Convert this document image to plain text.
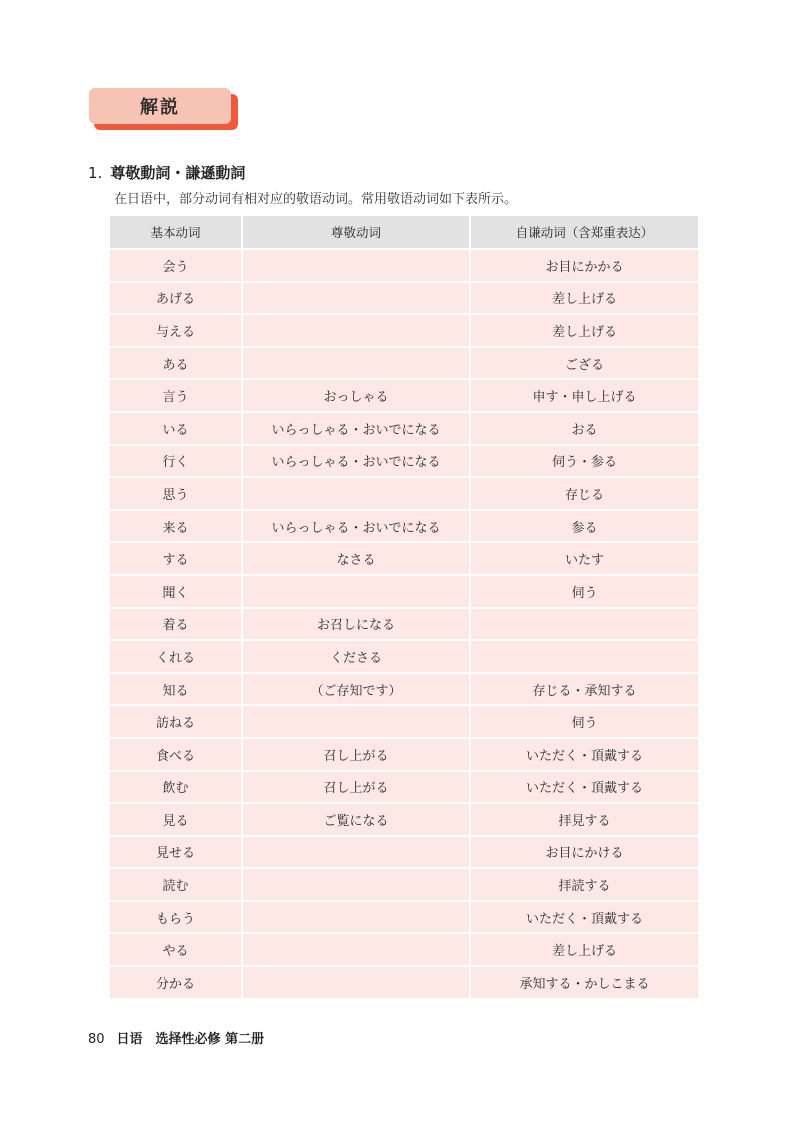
解説
1. 尊敬動詞・謙遜動詞
在日语中，部分动词有相对应的敬语动词。常用敬语动词如下表所示。
基本动词	尊敬动词	自谦动词（含郑重表达）
会う		お目にかかる
あげる		差し上げる
与える		差し上げる
ある		ござる
言う	おっしゃる	申す・申し上げる
いる	いらっしゃる・おいでになる	おる
行く	いらっしゃる・おいでになる	伺う・参る
思う		存じる
来る	いらっしゃる・おいでになる	参る
する	なさる	いたす
聞く		伺う
着る	お召しになる	
くれる	くださる	
知る	（ご存知です）	存じる・承知する
訪ねる		伺う
食べる	召し上がる	いただく・頂戴する
飲む	召し上がる	いただく・頂戴する
見る	ご覧になる	拝見する
見せる		お目にかける
読む		拝読する
もらう		いただく・頂戴する
やる		差し上げる
分かる		承知する・かしこまる
80 日语　选择性必修 第二册
